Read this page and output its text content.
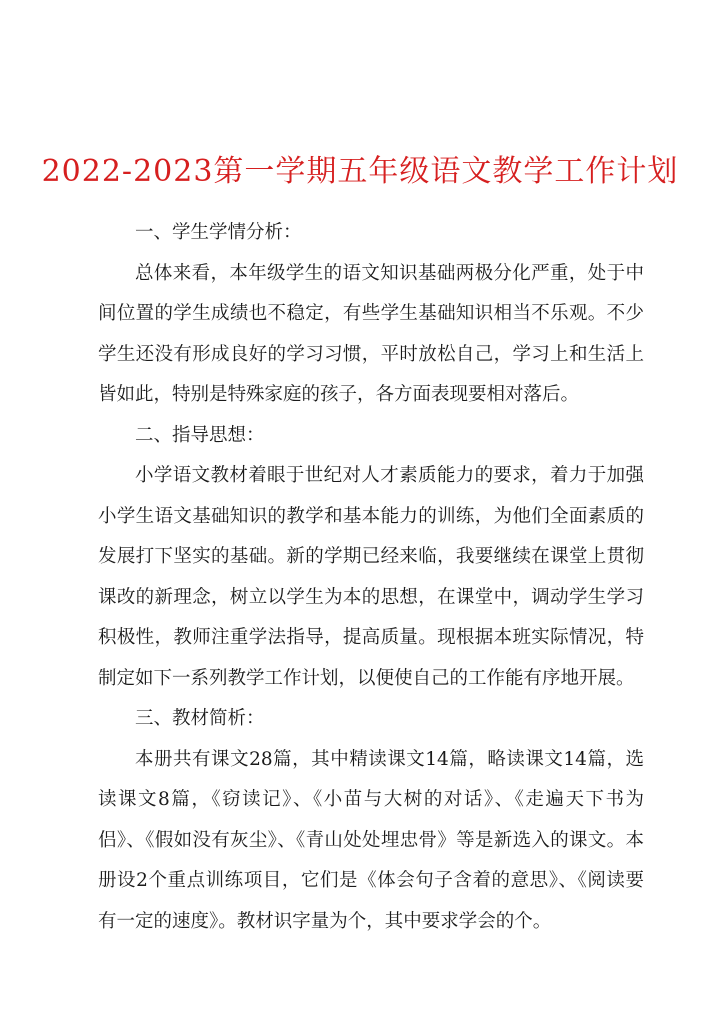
2022-2023第一学期五年级语文教学工作计划

一、学生学情分析：

总体来看，本年级学生的语文知识基础两极分化严重，处于中间位置的学生成绩也不稳定，有些学生基础知识相当不乐观。不少学生还没有形成良好的学习习惯，平时放松自己，学习上和生活上皆如此，特别是特殊家庭的孩子，各方面表现要相对落后。

二、指导思想：

小学语文教材着眼于世纪对人才素质能力的要求，着力于加强小学生语文基础知识的教学和基本能力的训练，为他们全面素质的发展打下坚实的基础。新的学期已经来临，我要继续在课堂上贯彻课改的新理念，树立以学生为本的思想，在课堂中，调动学生学习积极性，教师注重学法指导，提高质量。现根据本班实际情况，特制定如下一系列教学工作计划，以便使自己的工作能有序地开展。

三、教材简析：

本册共有课文28篇，其中精读课文14篇，略读课文14篇，选读课文8篇，《窃读记》、《小苗与大树的对话》、《走遍天下书为侣》、《假如没有灰尘》、《青山处处埋忠骨》等是新选入的课文。本册设2个重点训练项目，它们是《体会句子含着的意思》、《阅读要有一定的速度》。教材识字量为个，其中要求学会的个。
